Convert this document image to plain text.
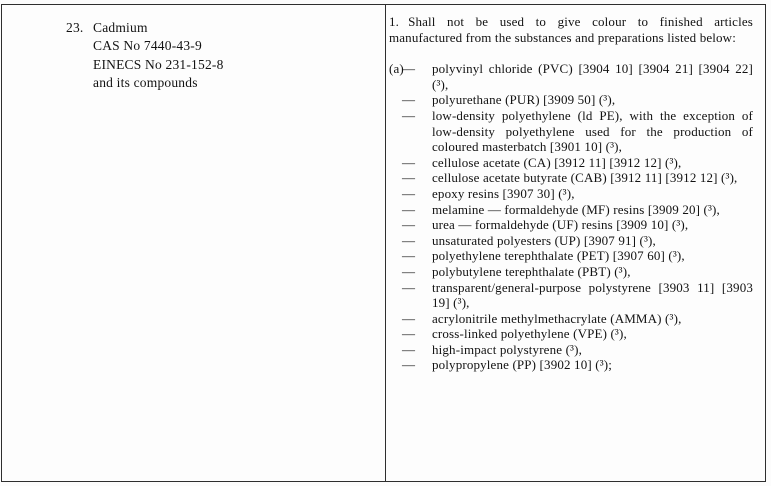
23. Cadmium
CAS No 7440-43-9
EINECS No 231-152-8
and its compounds

1. Shall not be used to give colour to finished articles manufactured from the substances and preparations listed below:

(a)
— polyvinyl chloride (PVC) [3904 10] [3904 21] [3904 22] (³),
— polyurethane (PUR) [3909 50] (³),
— low-density polyethylene (ld PE), with the exception of low-density polyethylene used for the production of coloured masterbatch [3901 10] (³),
— cellulose acetate (CA) [3912 11] [3912 12] (³),
— cellulose acetate butyrate (CAB) [3912 11] [3912 12] (³),
— epoxy resins [3907 30] (³),
— melamine — formaldehyde (MF) resins [3909 20] (³),
— urea — formaldehyde (UF) resins [3909 10] (³),
— unsaturated polyesters (UP) [3907 91] (³),
— polyethylene terephthalate (PET) [3907 60] (³),
— polybutylene terephthalate (PBT) (³),
— transparent/general-purpose polystyrene [3903 11] [3903 19] (³),
— acrylonitrile methylmethacrylate (AMMA) (³),
— cross-linked polyethylene (VPE) (³),
— high-impact polystyrene (³),
— polypropylene (PP) [3902 10] (³);
